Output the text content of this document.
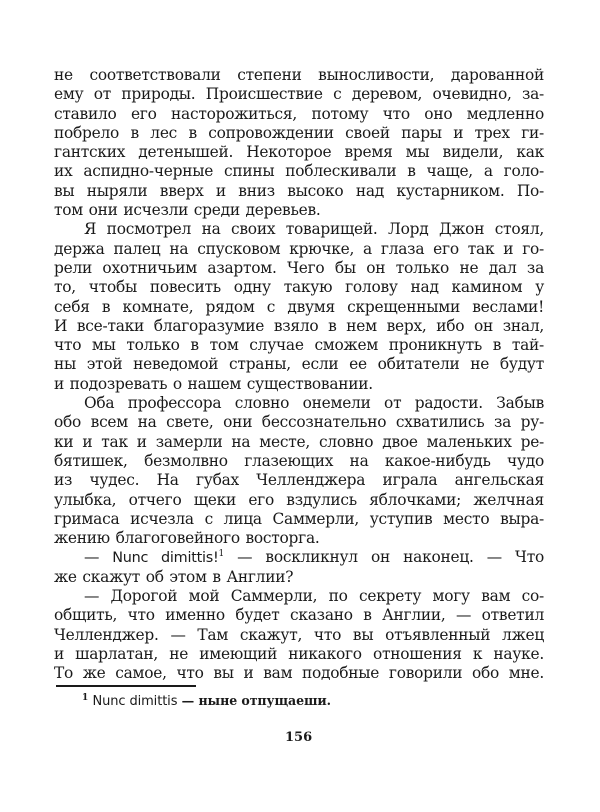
не соответствовали степени выносливости, дарованной
ему от природы. Происшествие с деревом, очевидно, за-
ставило его насторожиться, потому что оно медленно
побрело в лес в сопровождении своей пары и трех ги-
гантских детенышей. Некоторое время мы видели, как
их аспидно-черные спины поблескивали в чаще, а голо-
вы ныряли вверх и вниз высоко над кустарником. По-
том они исчезли среди деревьев.
Я посмотрел на своих товарищей. Лорд Джон стоял,
держа палец на спусковом крючке, а глаза его так и го-
рели охотничьим азартом. Чего бы он только не дал за
то, чтобы повесить одну такую голову над камином у
себя в комнате, рядом с двумя скрещенными веслами!
И все-таки благоразумие взяло в нем верх, ибо он знал,
что мы только в том случае сможем проникнуть в тай-
ны этой неведомой страны, если ее обитатели не будут
и подозревать о нашем существовании.
Оба профессора словно онемели от радости. Забыв
обо всем на свете, они бессознательно схватились за ру-
ки и так и замерли на месте, словно двое маленьких ре-
бятишек, безмолвно глазеющих на какое-нибудь чудо
из чудес. На губах Челленджера играла ангельская
улыбка, отчего щеки его вздулись яблочками; желчная
гримаса исчезла с лица Саммерли, уступив место выра-
жению благоговейного восторга.
— Nunc dimittis!$^1$ — воскликнул он наконец. — Что
же скажут об этом в Англии?
— Дорогой мой Саммерли, по секрету могу вам со-
общить, что именно будет сказано в Англии, — ответил
Челленджер. — Там скажут, что вы отъявленный лжец
и шарлатан, не имеющий никакого отношения к науке.
То же самое, что вы и вам подобные говорили обо мне.
$^1$ Nunc dimittis — ныне отпущаеши.
156
